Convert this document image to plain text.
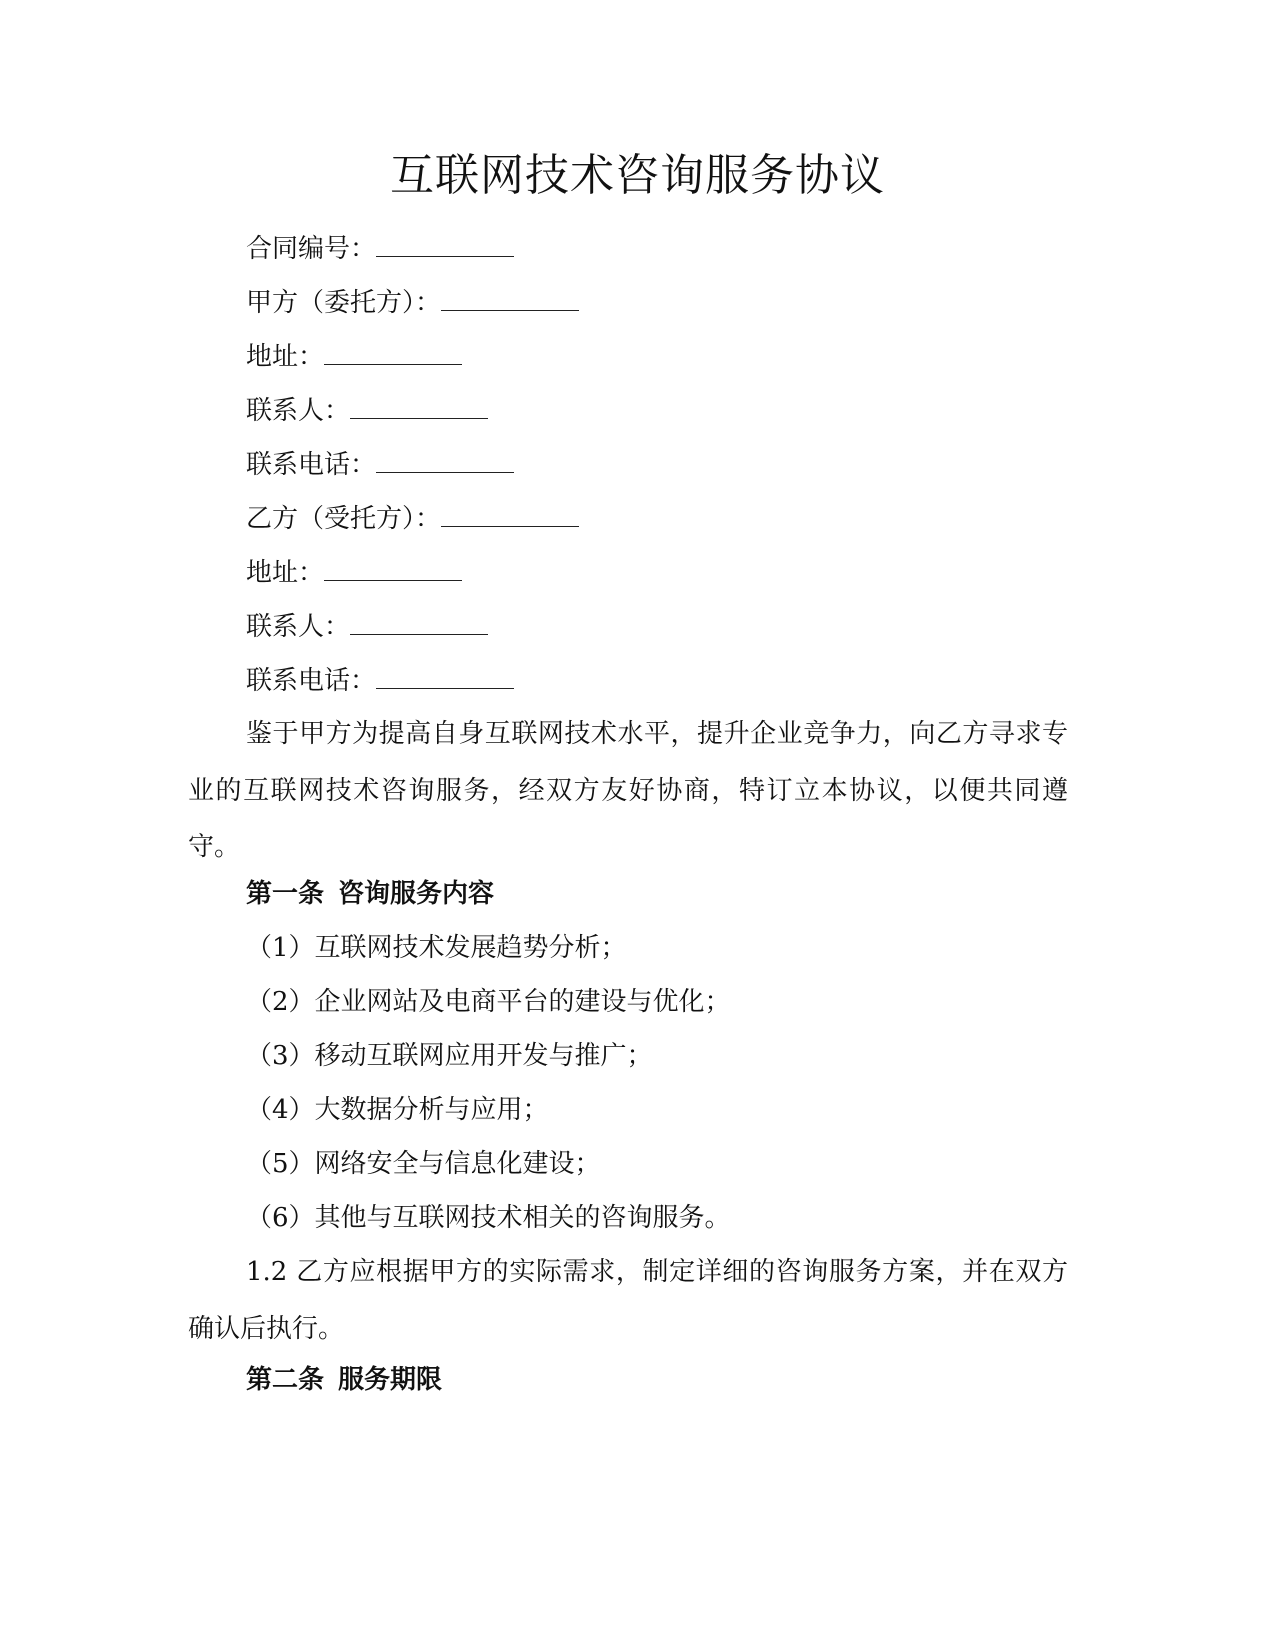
互联网技术咨询服务协议
合同编号：
甲方（委托方）：
地址：
联系人：
联系电话：
乙方（受托方）：
地址：
联系人：
联系电话：

鉴于甲方为提高自身互联网技术水平，提升企业竞争力，向乙方寻求专业的互联网技术咨询服务，经双方友好协商，特订立本协议，以便共同遵守。

第一条 咨询服务内容
（1）互联网技术发展趋势分析；
（2）企业网站及电商平台的建设与优化；
（3）移动互联网应用开发与推广；
（4）大数据分析与应用；
（5）网络安全与信息化建设；
（6）其他与互联网技术相关的咨询服务。

1.2 乙方应根据甲方的实际需求，制定详细的咨询服务方案，并在双方确认后执行。

第二条 服务期限
